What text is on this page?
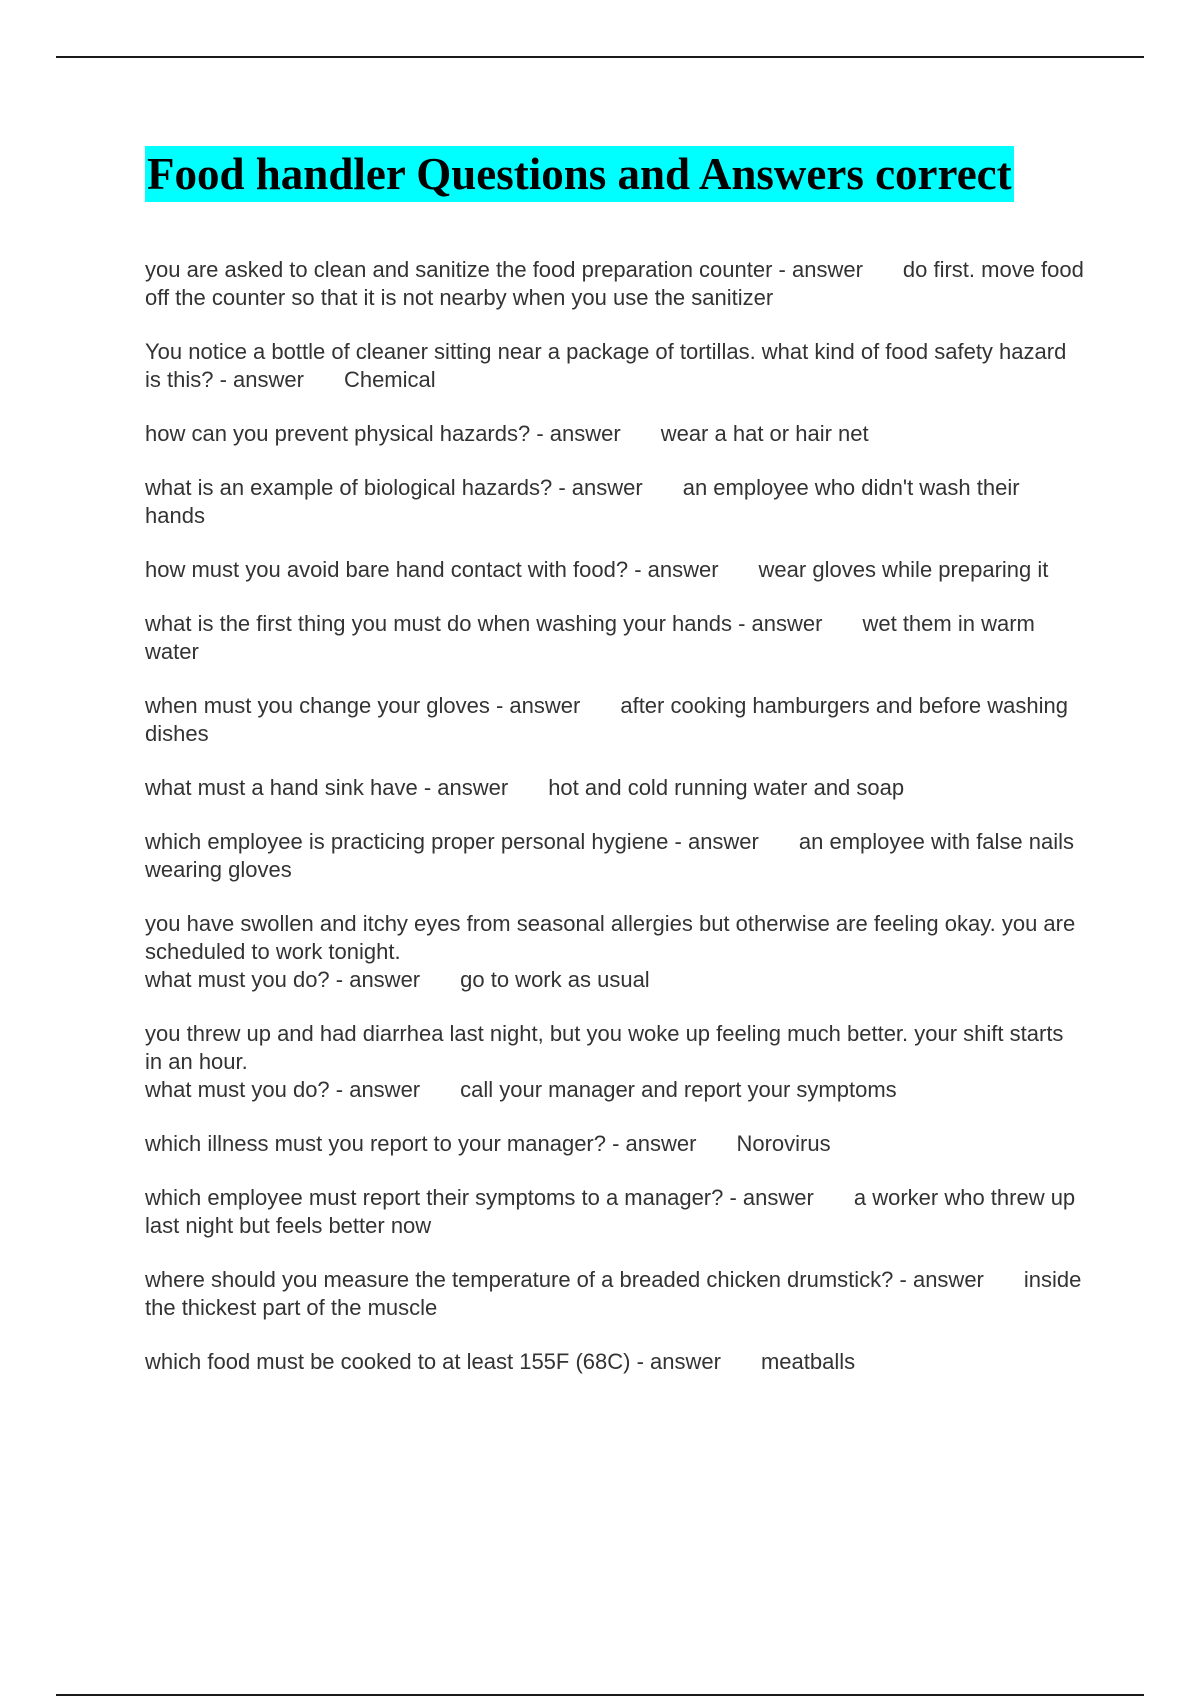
Food handler Questions and Answers correct
you are asked to clean and sanitize the food preparation counter - answer do first. move food off the counter so that it is not nearby when you use the sanitizer
You notice a bottle of cleaner sitting near a package of tortillas. what kind of food safety hazard is this? - answer Chemical
how can you prevent physical hazards? - answer wear a hat or hair net
what is an example of biological hazards? - answer an employee who didn't wash their hands
how must you avoid bare hand contact with food? - answer wear gloves while preparing it
what is the first thing you must do when washing your hands - answer wet them in warm water
when must you change your gloves - answer after cooking hamburgers and before washing dishes
what must a hand sink have - answer hot and cold running water and soap
which employee is practicing proper personal hygiene - answer an employee with false nails wearing gloves
you have swollen and itchy eyes from seasonal allergies but otherwise are feeling okay. you are scheduled to work tonight.
what must you do? - answer go to work as usual
you threw up and had diarrhea last night, but you woke up feeling much better. your shift starts in an hour.
what must you do? - answer call your manager and report your symptoms
which illness must you report to your manager? - answer Norovirus
which employee must report their symptoms to a manager? - answer a worker who threw up last night but feels better now
where should you measure the temperature of a breaded chicken drumstick? - answer inside the thickest part of the muscle
which food must be cooked to at least 155F (68C) - answer meatballs
